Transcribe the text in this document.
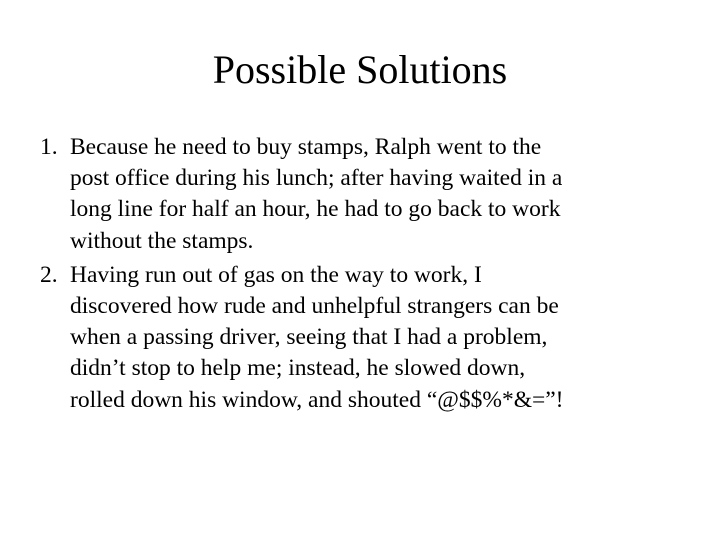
Possible Solutions
1. Because he need to buy stamps, Ralph went to the
post office during his lunch; after having waited in a
long line for half an hour, he had to go back to work
without the stamps.
2. Having run out of gas on the way to work, I
discovered how rude and unhelpful strangers can be
when a passing driver, seeing that I had a problem,
didn’t stop to help me; instead, he slowed down,
rolled down his window, and shouted “@$$%*&=”!
